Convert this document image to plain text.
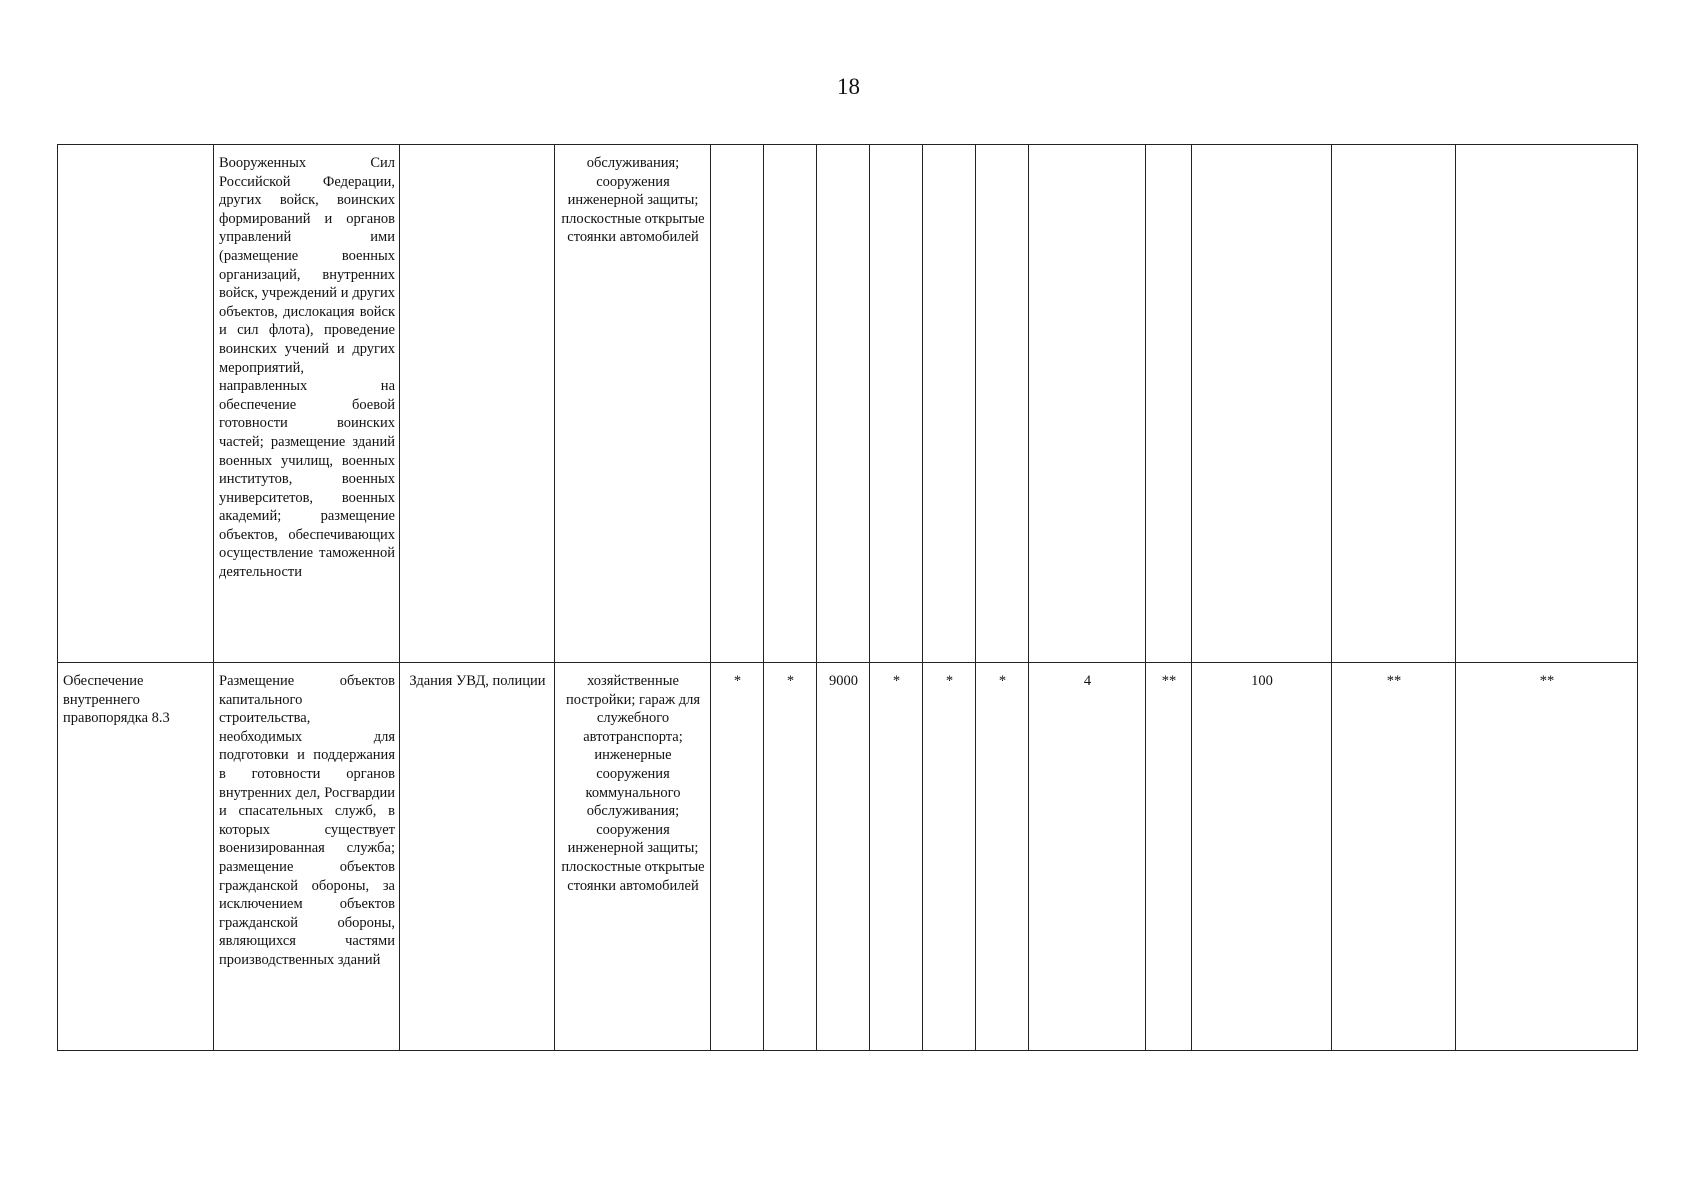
18
	Вооруженных Сил Российской Федерации, других войск, воинских формирований и органов управлений ими (размещение военных организаций, внутренних войск, учреждений и других объектов, дислокация войск и сил флота), проведение воинских учений и других мероприятий, направленных на обеспечение боевой готовности воинских частей; размещение зданий военных училищ, военных институтов, военных университетов, военных академий; размещение объектов, обеспечивающих осуществление таможенной деятельности		обслуживания; сооружения инженерной защиты; плоскостные открытые стоянки автомобилей											
Обеспечение внутреннего правопорядка 8.3	Размещение объектов капитального строительства, необходимых для подготовки и поддержания в готовности органов внутренних дел, Росгвардии и спасательных служб, в которых существует военизированная служба; размещение объектов гражданской обороны, за исключением объектов гражданской обороны, являющихся частями производственных зданий	Здания УВД, полиции	хозяйственные постройки; гараж для служебного автотранспорта; инженерные сооружения коммунального обслуживания; сооружения инженерной защиты; плоскостные открытые стоянки автомобилей	*	*	9000	*	*	*	4	**	100	**	**
